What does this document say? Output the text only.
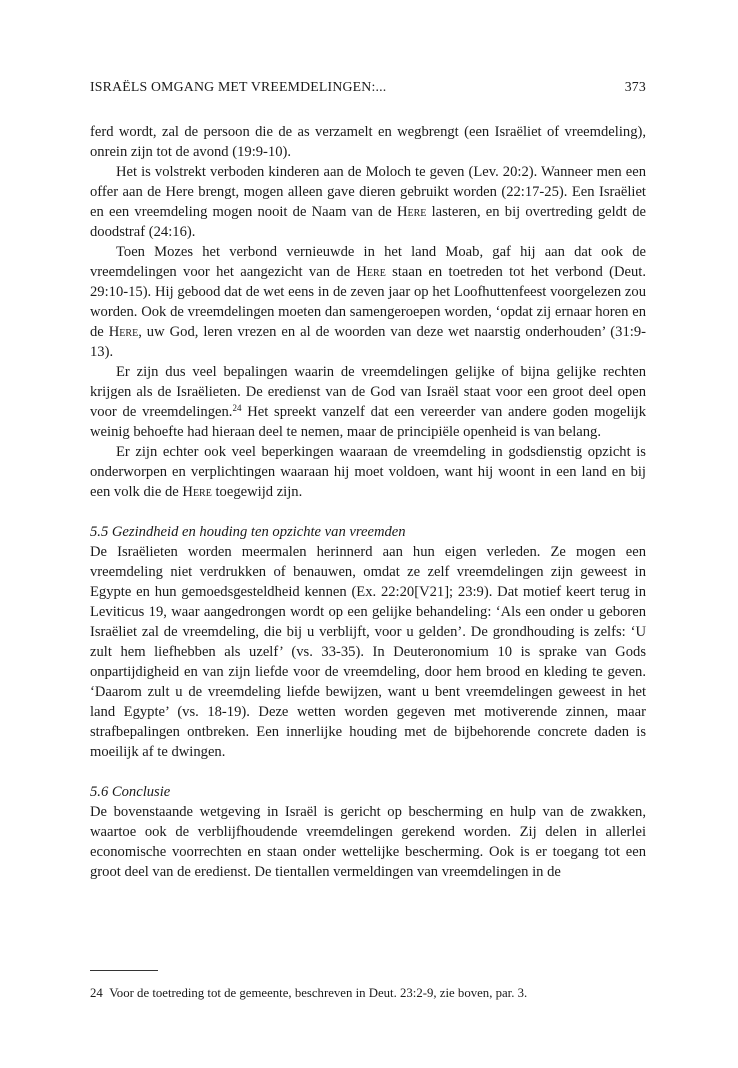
ISRAËLS OMGANG MET VREEMDELINGEN:...	373

ferd wordt, zal de persoon die de as verzamelt en wegbrengt (een Israëliet of vreemdeling), onrein zijn tot de avond (19:9-10).

Het is volstrekt verboden kinderen aan de Moloch te geven (Lev. 20:2). Wanneer men een offer aan de Here brengt, mogen alleen gave dieren gebruikt worden (22:17-25). Een Israëliet en een vreemdeling mogen nooit de Naam van de Here lasteren, en bij overtreding geldt de doodstraf (24:16).

Toen Mozes het verbond vernieuwde in het land Moab, gaf hij aan dat ook de vreemdelingen voor het aangezicht van de Here staan en toetreden tot het verbond (Deut. 29:10-15). Hij gebood dat de wet eens in de zeven jaar op het Loofhuttenfeest voorgelezen zou worden. Ook de vreemdelingen moeten dan samengeroepen worden, ‘opdat zij ernaar horen en de Here, uw God, leren vrezen en al de woorden van deze wet naarstig onderhouden’ (31:9-13).

Er zijn dus veel bepalingen waarin de vreemdelingen gelijke of bijna gelijke rechten krijgen als de Israëlieten. De eredienst van de God van Israël staat voor een groot deel open voor de vreemdelingen.$^{24}$ Het spreekt vanzelf dat een vereerder van andere goden mogelijk weinig behoefte had hieraan deel te nemen, maar de principiële openheid is van belang.

Er zijn echter ook veel beperkingen waaraan de vreemdeling in godsdienstig opzicht is onderworpen en verplichtingen waaraan hij moet voldoen, want hij woont in een land en bij een volk die de Here toegewijd zijn.

5.5 Gezindheid en houding ten opzichte van vreemden

De Israëlieten worden meermalen herinnerd aan hun eigen verleden. Ze mogen een vreemdeling niet verdrukken of benauwen, omdat ze zelf vreemdelingen zijn geweest in Egypte en hun gemoedsgesteldheid kennen (Ex. 22:20[V21]; 23:9). Dat motief keert terug in Leviticus 19, waar aangedrongen wordt op een gelijke behandeling: ‘Als een onder u geboren Israëliet zal de vreemdeling, die bij u verblijft, voor u gelden’. De grondhouding is zelfs: ‘U zult hem liefhebben als uzelf’ (vs. 33-35). In Deuteronomium 10 is sprake van Gods onpartijdigheid en van zijn liefde voor de vreemdeling, door hem brood en kleding te geven. ‘Daarom zult u de vreemdeling liefde bewijzen, want u bent vreemdelingen geweest in het land Egypte’ (vs. 18-19). Deze wetten worden gegeven met motiverende zinnen, maar strafbepalingen ontbreken. Een innerlijke houding met de bijbehorende concrete daden is moeilijk af te dwingen.

5.6 Conclusie

De bovenstaande wetgeving in Israël is gericht op bescherming en hulp van de zwakken, waartoe ook de verblijfhoudende vreemdelingen gerekend worden. Zij delen in allerlei economische voorrechten en staan onder wettelijke bescherming. Ook is er toegang tot een groot deel van de eredienst. De tientallen vermeldingen van vreemdelingen in de

24 Voor de toetreding tot de gemeente, beschreven in Deut. 23:2-9, zie boven, par. 3.
